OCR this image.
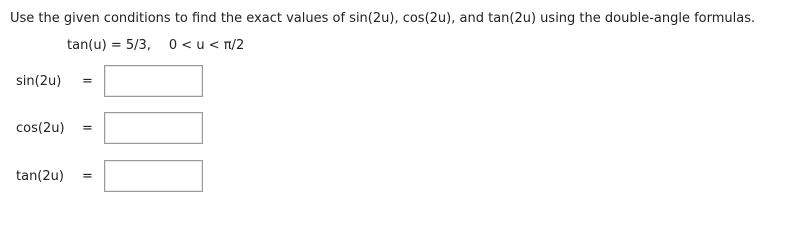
Use the given conditions to find the exact values of sin(2u), cos(2u), and tan(2u) using the double-angle formulas.
tan(u) = 5/3, 0 < u < π/2
sin(2u) =
cos(2u) =
tan(2u) =
